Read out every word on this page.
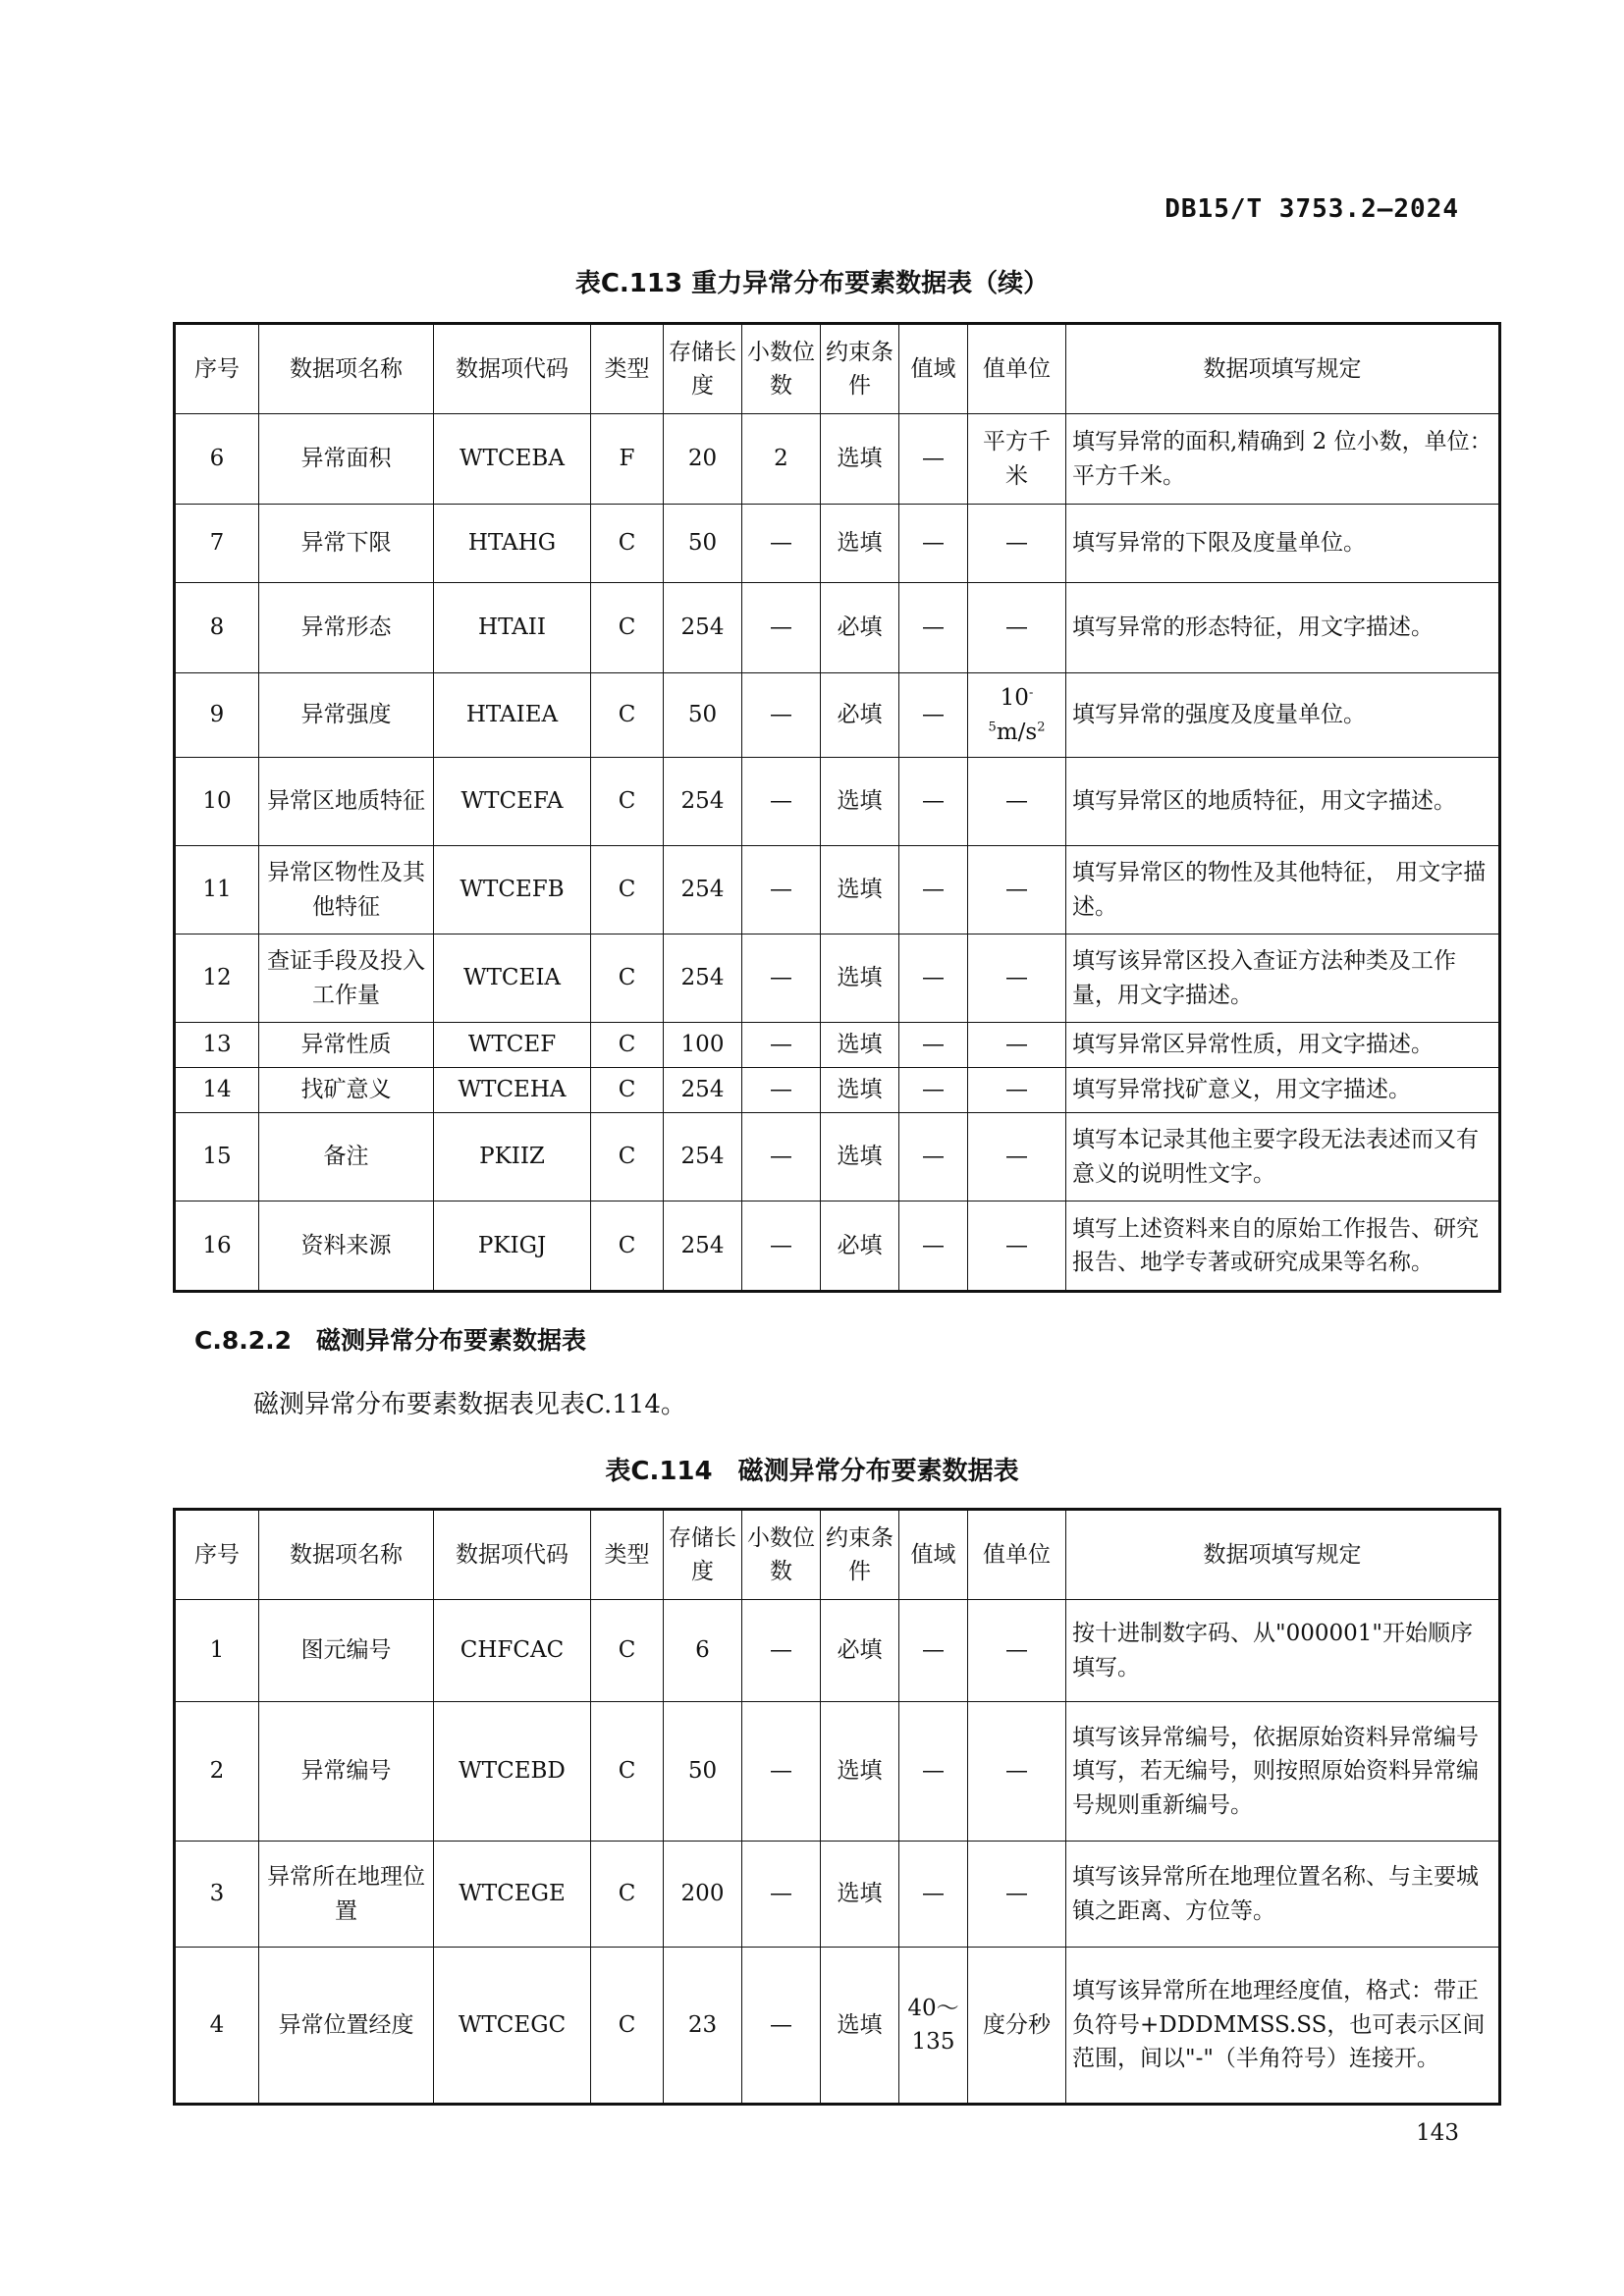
DB15/T 3753.2—2024
表C.113 重力异常分布要素数据表（续）
序号	数据项名称	数据项代码	类型	存储长度	小数位数	约束条件	值域	值单位	数据项填写规定
6	异常面积	WTCEBA	F	20	2	选填	—	平方千米	填写异常的面积,精确到 2 位小数，单位：平方千米。
7	异常下限	HTAHG	C	50	—	选填	—	—	填写异常的下限及度量单位。
8	异常形态	HTAII	C	254	—	必填	—	—	填写异常的形态特征，用文字描述。
9	异常强度	HTAIEA	C	50	—	必填	—	$10^{-5}m/s^2$	填写异常的强度及度量单位。
10	异常区地质特征	WTCEFA	C	254	—	选填	—	—	填写异常区的地质特征，用文字描述。
11	异常区物性及其他特征	WTCEFB	C	254	—	选填	—	—	填写异常区的物性及其他特征， 用文字描述。
12	查证手段及投入工作量	WTCEIA	C	254	—	选填	—	—	填写该异常区投入查证方法种类及工作量，用文字描述。
13	异常性质	WTCEF	C	100	—	选填	—	—	填写异常区异常性质，用文字描述。
14	找矿意义	WTCEHA	C	254	—	选填	—	—	填写异常找矿意义，用文字描述。
15	备注	PKIIZ	C	254	—	选填	—	—	填写本记录其他主要字段无法表述而又有意义的说明性文字。
16	资料来源	PKIGJ	C	254	—	必填	—	—	填写上述资料来自的原始工作报告、研究报告、地学专著或研究成果等名称。
C.8.2.2　磁测异常分布要素数据表
磁测异常分布要素数据表见表C.114。
表C.114　磁测异常分布要素数据表
序号	数据项名称	数据项代码	类型	存储长度	小数位数	约束条件	值域	值单位	数据项填写规定
1	图元编号	CHFCAC	C	6	—	必填	—	—	按十进制数字码、从"000001"开始顺序填写。
2	异常编号	WTCEBD	C	50	—	选填	—	—	填写该异常编号，依据原始资料异常编号填写，若无编号，则按照原始资料异常编号规则重新编号。
3	异常所在地理位置	WTCEGE	C	200	—	选填	—	—	填写该异常所在地理位置名称、与主要城镇之距离、方位等。
4	异常位置经度	WTCEGC	C	23	—	选填	40～135	度分秒	填写该异常所在地理经度值，格式：带正负符号+DDDMMSS.SS，也可表示区间范围，间以"-"（半角符号）连接开。
143
